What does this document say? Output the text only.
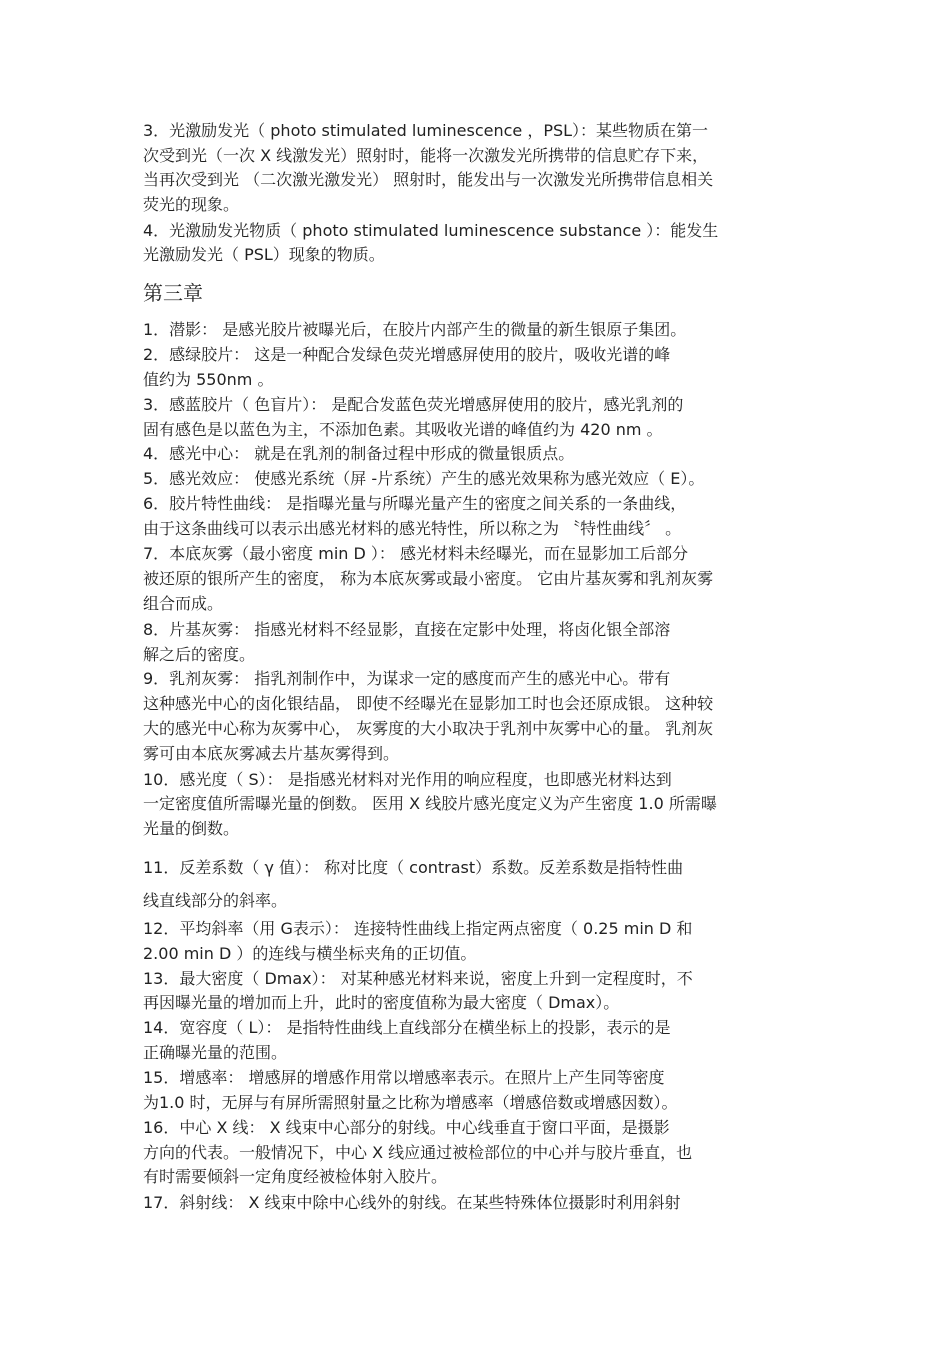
3．光激励发光（ photo stimulated luminescence ，PSL）：某些物质在第一
次受到光（一次 X 线激发光）照射时，能将一次激发光所携带的信息贮存下来，
当再次受到光 （二次激光激发光） 照射时，能发出与一次激发光所携带信息相关
荧光的现象。
4．光激励发光物质（ photo stimulated luminescence substance ）：能发生
光激励发光（ PSL）现象的物质。
第三章
1．潜影： 是感光胶片被曝光后，在胶片内部产生的微量的新生银原子集团。
2．感绿胶片： 这是一种配合发绿色荧光增感屏使用的胶片，吸收光谱的峰
值约为 550nm 。
3．感蓝胶片（ 色盲片）： 是配合发蓝色荧光增感屏使用的胶片，感光乳剂的
固有感色是以蓝色为主，不添加色素。其吸收光谱的峰值约为 420 nm 。
4．感光中心： 就是在乳剂的制备过程中形成的微量银质点。
5．感光效应： 使感光系统（屏 -片系统）产生的感光效果称为感光效应（ E）。
6．胶片特性曲线： 是指曝光量与所曝光量产生的密度之间关系的一条曲线，
由于这条曲线可以表示出感光材料的感光特性，所以称之为 〝特性曲线〞 。
7．本底灰雾（最小密度 min D ）： 感光材料未经曝光，而在显影加工后部分
被还原的银所产生的密度， 称为本底灰雾或最小密度。 它由片基灰雾和乳剂灰雾
组合而成。
8．片基灰雾： 指感光材料不经显影，直接在定影中处理，将卤化银全部溶
解之后的密度。
9．乳剂灰雾： 指乳剂制作中，为谋求一定的感度而产生的感光中心。带有
这种感光中心的卤化银结晶， 即使不经曝光在显影加工时也会还原成银。 这种较
大的感光中心称为灰雾中心， 灰雾度的大小取决于乳剂中灰雾中心的量。 乳剂灰
雾可由本底灰雾减去片基灰雾得到。
10．感光度（ S）： 是指感光材料对光作用的响应程度，也即感光材料达到
一定密度值所需曝光量的倒数。 医用 X 线胶片感光度定义为产生密度 1.0 所需曝
光量的倒数。
11．反差系数（ γ 值）： 称对比度（ contrast）系数。反差系数是指特性曲
线直线部分的斜率。
12．平均斜率（用 G表示）： 连接特性曲线上指定两点密度（ 0.25 min D 和
2.00 min D ）的连线与横坐标夹角的正切值。
13．最大密度（ Dmax）： 对某种感光材料来说，密度上升到一定程度时，不
再因曝光量的增加而上升，此时的密度值称为最大密度（ Dmax）。
14．宽容度（ L）： 是指特性曲线上直线部分在横坐标上的投影，表示的是
正确曝光量的范围。
15．增感率： 增感屏的增感作用常以增感率表示。在照片上产生同等密度
为1.0 时，无屏与有屏所需照射量之比称为增感率（增感倍数或增感因数）。
16．中心 X 线： X 线束中心部分的射线。中心线垂直于窗口平面，是摄影
方向的代表。一般情况下，中心 X 线应通过被检部位的中心并与胶片垂直，也
有时需要倾斜一定角度经被检体射入胶片。
17．斜射线： X 线束中除中心线外的射线。在某些特殊体位摄影时利用斜射
